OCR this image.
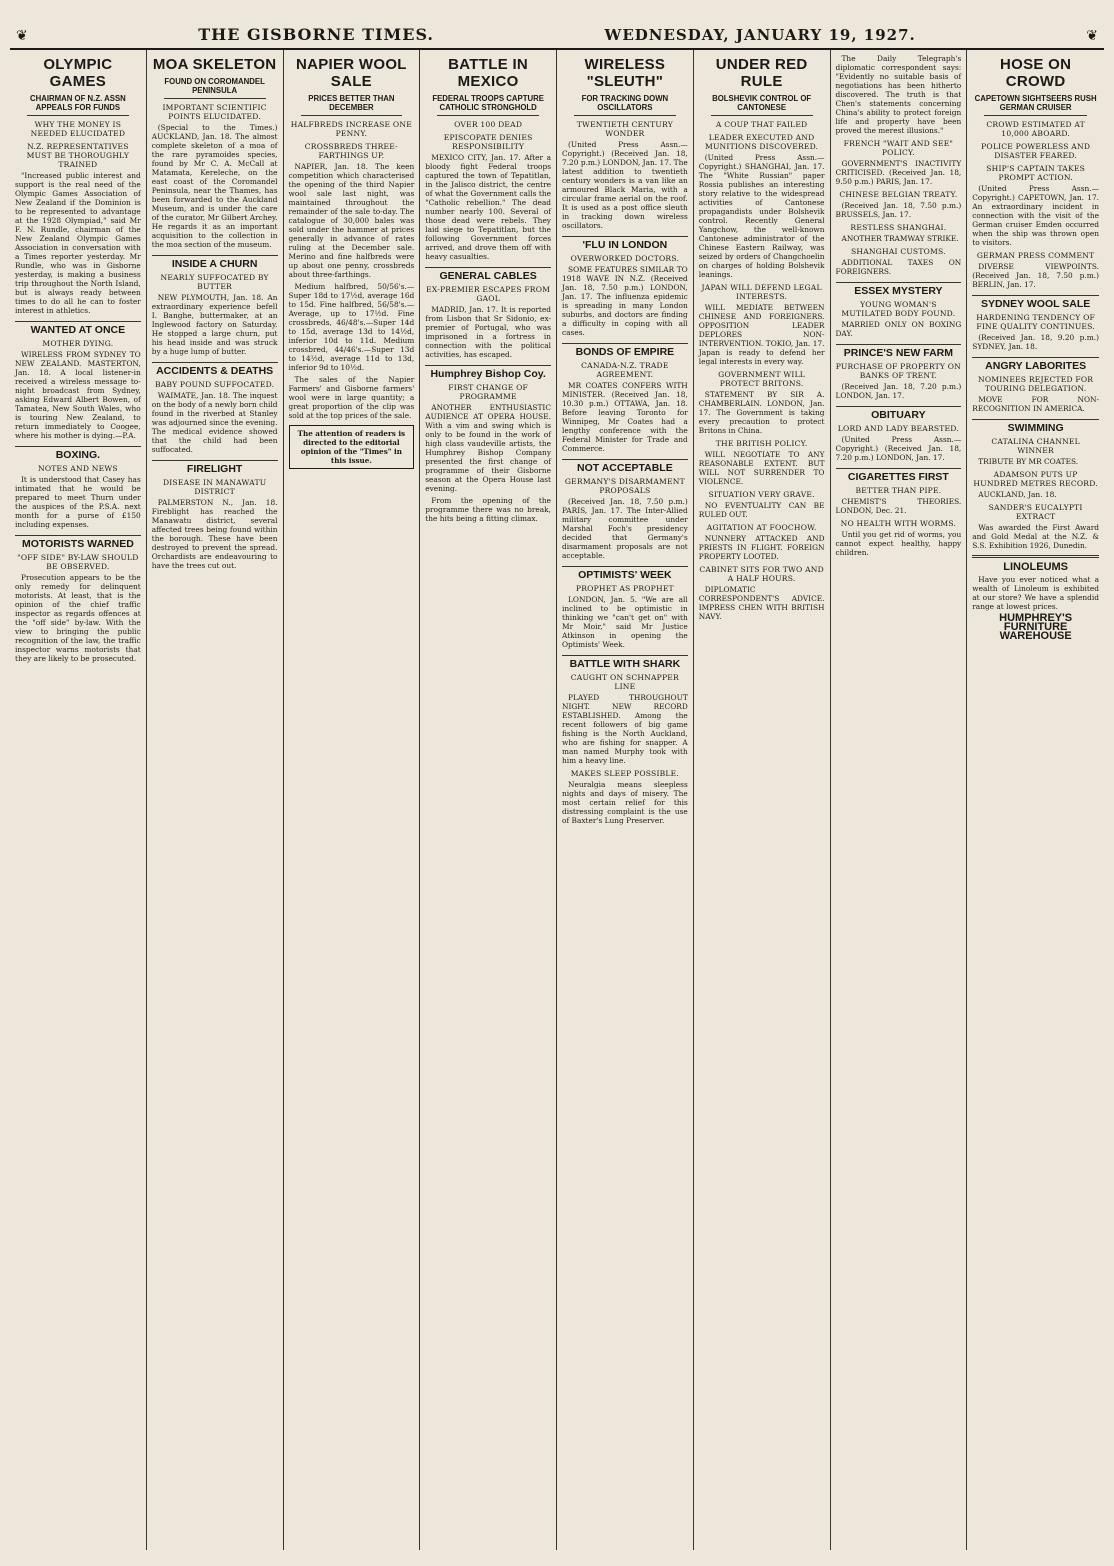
❦	THE GISBORNE TIMES.	WEDNESDAY, JANUARY 19, 1927.	❦
OLYMPIC GAMES
CHAIRMAN OF N.Z. ASSN APPEALS FOR FUNDS
WHY THE MONEY IS NEEDED ELUCIDATED
N.Z. REPRESENTATIVES MUST BE THOROUGHLY TRAINED

"Increased public interest and support is the real need of the Olympic Games Association of New Zealand if the Dominion is to be represented to advantage at the 1928 Olympiad," said Mr F. N. Rundle, chairman of the New Zealand Olympic Games Association in conversation with a Times reporter yesterday. Mr Rundle, who was in Gisborne yesterday, is making a business trip throughout the North Island, but is always ready between times to do all he can to foster interest in athletics.

WANTED AT ONCE
MOTHER DYING.

WIRELESS FROM SYDNEY TO NEW ZEALAND. MASTERTON, Jan. 18. A local listener-in received a wireless message to-night broadcast from Sydney, asking Edward Albert Bowen, of Tamatea, New South Wales, who is touring New Zealand, to return immediately to Coogee, where his mother is dying.—P.A.

BOXING.
NOTES AND NEWS

It is understood that Casey has intimated that he would be prepared to meet Thurn under the auspices of the P.S.A. next month for a purse of £150 including expenses.

MOTORISTS WARNED
"OFF SIDE" BY-LAW SHOULD BE OBSERVED.

Prosecution appears to be the only remedy for delinquent motorists. At least, that is the opinion of the chief traffic inspector as regards offences at the "off side" by-law. With the view to bringing the public recognition of the law, the traffic inspector warns motorists that they are likely to be prosecuted.

MOA SKELETON
FOUND ON COROMANDEL PENINSULA
IMPORTANT SCIENTIFIC POINTS ELUCIDATED.

(Special to the Times.) AUCKLAND, Jan. 18. The almost complete skeleton of a moa of the rare pyramoides species, found by Mr C. A. McCall at Matamata, Kereleche, on the east coast of the Coromandel Peninsula, near the Thames, has been forwarded to the Auckland Museum, and is under the care of the curator, Mr Gilbert Archey. He regards it as an important acquisition to the collection in the moa section of the museum.

INSIDE A CHURN
NEARLY SUFFOCATED BY BUTTER

NEW PLYMOUTH, Jan. 18. An extraordinary experience befell I. Banghe, buttermaker, at an Inglewood factory on Saturday. He stopped a large churn, put his head inside and was struck by a huge lump of butter.

ACCIDENTS & DEATHS
BABY POUND SUFFOCATED.

WAIMATE, Jan. 18. The inquest on the body of a newly born child found in the riverbed at Stanley was adjourned since the evening. The medical evidence showed that the child had been suffocated.

FIRELIGHT
DISEASE IN MANAWATU DISTRICT

PALMERSTON N., Jan. 18. Fireblight has reached the Manawatu district, several affected trees being found within the borough. These have been destroyed to prevent the spread. Orchardists are endeavouring to have the trees cut out.

NAPIER WOOL SALE
PRICES BETTER THAN DECEMBER
HALFBREDS INCREASE ONE PENNY.
CROSSBREDS THREE-FARTHINGS UP.

NAPIER, Jan. 18. The keen competition which characterised the opening of the third Napier wool sale last night, was maintained throughout the remainder of the sale to-day. The catalogue of 30,000 bales was sold under the hammer at prices generally in advance of rates ruling at the December sale. Merino and fine halfbreds were up about one penny, crossbreds about three-farthings.

Medium halfbred, 50/56's.—Super 18d to 17½d, average 16d to 15d. Fine halfbred, 56/58's.—Average, up to 17½d. Fine crossbreds, 46/48's.—Super 14d to 15d, average 13d to 14½d, inferior 10d to 11d. Medium crossbred, 44/46's.—Super 13d to 14½d, average 11d to 13d, inferior 9d to 10½d.

The sales of the Napier Farmers' and Gisborne farmers' wool were in large quantity; a great proportion of the clip was sold at the top prices of the sale.

The attention of readers is directed to the editorial opinion of the "Times" in this issue.
BATTLE IN MEXICO
FEDERAL TROOPS CAPTURE CATHOLIC STRONGHOLD
OVER 100 DEAD
EPISCOPATE DENIES RESPONSIBILITY

MEXICO CITY, Jan. 17. After a bloody fight Federal troops captured the town of Tepatitlan, in the Jalisco district, the centre of what the Government calls the "Catholic rebellion." The dead number nearly 100. Several of those dead were rebels. They laid siege to Tepatitlan, but the following Government forces arrived, and drove them off with heavy casualties.

GENERAL CABLES
EX-PREMIER ESCAPES FROM GAOL

MADRID, Jan. 17. It is reported from Lisbon that Sr Sidonio, ex-premier of Portugal, who was imprisoned in a fortress in connection with the political activities, has escaped.

Humphrey Bishop Coy.
FIRST CHANGE OF PROGRAMME

ANOTHER ENTHUSIASTIC AUDIENCE AT OPERA HOUSE. With a vim and swing which is only to be found in the work of high class vaudeville artists, the Humphrey Bishop Company presented the first change of programme of their Gisborne season at the Opera House last evening.

From the opening of the programme there was no break, the hits being a fitting climax.

WIRELESS "SLEUTH"
FOR TRACKING DOWN OSCILLATORS
TWENTIETH CENTURY WONDER

(United Press Assn.—Copyright.) (Received Jan. 18, 7.20 p.m.) LONDON, Jan. 17. The latest addition to twentieth century wonders is a van like an armoured Black Maria, with a circular frame aerial on the roof. It is used as a post office sleuth in tracking down wireless oscillators.

'FLU IN LONDON
OVERWORKED DOCTORS.

SOME FEATURES SIMILAR TO 1918 WAVE IN N.Z. (Received Jan. 18, 7.50 p.m.) LONDON, Jan. 17. The influenza epidemic is spreading in many London suburbs, and doctors are finding a difficulty in coping with all cases.

BONDS OF EMPIRE
CANADA-N.Z. TRADE AGREEMENT.

MR COATES CONFERS WITH MINISTER. (Received Jan. 18, 10.30 p.m.) OTTAWA, Jan. 18. Before leaving Toronto for Winnipeg, Mr Coates had a lengthy conference with the Federal Minister for Trade and Commerce.

NOT ACCEPTABLE
GERMANY'S DISARMAMENT PROPOSALS

(Received Jan. 18, 7.50 p.m.) PARIS, Jan. 17. The Inter-Allied military committee under Marshal Foch's presidency decided that Germany's disarmament proposals are not acceptable.

OPTIMISTS' WEEK
PROPHET AS PROPHET

LONDON, Jan. 5. "We are all inclined to be optimistic in thinking we "can't get on" with Mr Moir," said Mr Justice Atkinson in opening the Optimists' Week.

BATTLE WITH SHARK
CAUGHT ON SCHNAPPER LINE

PLAYED THROUGHOUT NIGHT. NEW RECORD ESTABLISHED. Among the recent followers of big game fishing is the North Auckland, who are fishing for snapper. A man named Murphy took with him a heavy line.

MAKES SLEEP POSSIBLE.

Neuralgia means sleepless nights and days of misery. The most certain relief for this distressing complaint is the use of Baxter's Lung Preserver.

UNDER RED RULE
BOLSHEVIK CONTROL OF CANTONESE
A COUP THAT FAILED
LEADER EXECUTED AND MUNITIONS DISCOVERED.

(United Press Assn.—Copyright.) SHANGHAI, Jan. 17. The "White Russian" paper Rossia publishes an interesting story relative to the widespread activities of Cantonese propagandists under Bolshevik control. Recently General Yangchow, the well-known Cantonese administrator of the Chinese Eastern Railway, was seized by orders of Changchoelin on charges of holding Bolshevik leanings.

JAPAN WILL DEFEND LEGAL INTERESTS.

WILL MEDIATE BETWEEN CHINESE AND FOREIGNERS. OPPOSITION LEADER DEPLORES NON-INTERVENTION. TOKIO, Jan. 17. Japan is ready to defend her legal interests in every way.

GOVERNMENT WILL PROTECT BRITONS.

STATEMENT BY SIR A. CHAMBERLAIN. LONDON, Jan. 17. The Government is taking every precaution to protect Britons in China.

THE BRITISH POLICY.

WILL NEGOTIATE TO ANY REASONABLE EXTENT. BUT WILL NOT SURRENDER TO VIOLENCE.

SITUATION VERY GRAVE.

NO EVENTUALITY CAN BE RULED OUT.

AGITATION AT FOOCHOW.

NUNNERY ATTACKED AND PRIESTS IN FLIGHT. FOREIGN PROPERTY LOOTED.

CABINET SITS FOR TWO AND A HALF HOURS.

DIPLOMATIC CORRESPONDENT'S ADVICE. IMPRESS CHEN WITH BRITISH NAVY.

The Daily Telegraph's diplomatic correspondent says: "Evidently no suitable basis of negotiations has been hitherto discovered. The truth is that Chen's statements concerning China's ability to protect foreign life and property have been proved the merest illusions."

FRENCH "WAIT AND SEE" POLICY.

GOVERNMENT'S INACTIVITY CRITICISED. (Received Jan. 18, 9.50 p.m.) PARIS, Jan. 17.

CHINESE BELGIAN TREATY.

(Received Jan. 18, 7.50 p.m.) BRUSSELS, Jan. 17.

RESTLESS SHANGHAI.

ANOTHER TRAMWAY STRIKE.

SHANGHAI CUSTOMS.

ADDITIONAL TAXES ON FOREIGNERS.

ESSEX MYSTERY
YOUNG WOMAN'S MUTILATED BODY FOUND.

MARRIED ONLY ON BOXING DAY.

PRINCE'S NEW FARM
PURCHASE OF PROPERTY ON BANKS OF TRENT.

(Received Jan. 18, 7.20 p.m.) LONDON, Jan. 17.

OBITUARY
LORD AND LADY BEARSTED.

(United Press Assn.—Copyright.) (Received Jan. 18, 7.20 p.m.) LONDON, Jan. 17.

CIGARETTES FIRST
BETTER THAN PIPE.

CHEMIST'S THEORIES. LONDON, Dec. 21.

NO HEALTH WITH WORMS.

Until you get rid of worms, you cannot expect healthy, happy children.

HOSE ON CROWD
CAPETOWN SIGHTSEERS RUSH GERMAN CRUISER
CROWD ESTIMATED AT 10,000 ABOARD.
POLICE POWERLESS AND DISASTER FEARED.
SHIP'S CAPTAIN TAKES PROMPT ACTION.

(United Press Assn.—Copyright.) CAPETOWN, Jan. 17. An extraordinary incident in connection with the visit of the German cruiser Emden occurred when the ship was thrown open to visitors.

GERMAN PRESS COMMENT

DIVERSE VIEWPOINTS. (Received Jan. 18, 7.50 p.m.) BERLIN, Jan. 17.

SYDNEY WOOL SALE
HARDENING TENDENCY OF FINE QUALITY CONTINUES.

(Received Jan. 18, 9.20 p.m.) SYDNEY, Jan. 18.

ANGRY LABORITES
NOMINEES REJECTED FOR TOURING DELEGATION.

MOVE FOR NON-RECOGNITION IN AMERICA.

SWIMMING
CATALINA CHANNEL WINNER

TRIBUTE BY MR COATES.

ADAMSON PUTS UP HUNDRED METRES RECORD.

AUCKLAND, Jan. 18.

SANDER'S EUCALYPTI EXTRACT

Was awarded the First Award and Gold Medal at the N.Z. & S.S. Exhibition 1926, Dunedin.

LINOLEUMS

Have you ever noticed what a wealth of Linoleum is exhibited at our store? We have a splendid range at lowest prices.

HUMPHREY'S FURNITURE WAREHOUSE
